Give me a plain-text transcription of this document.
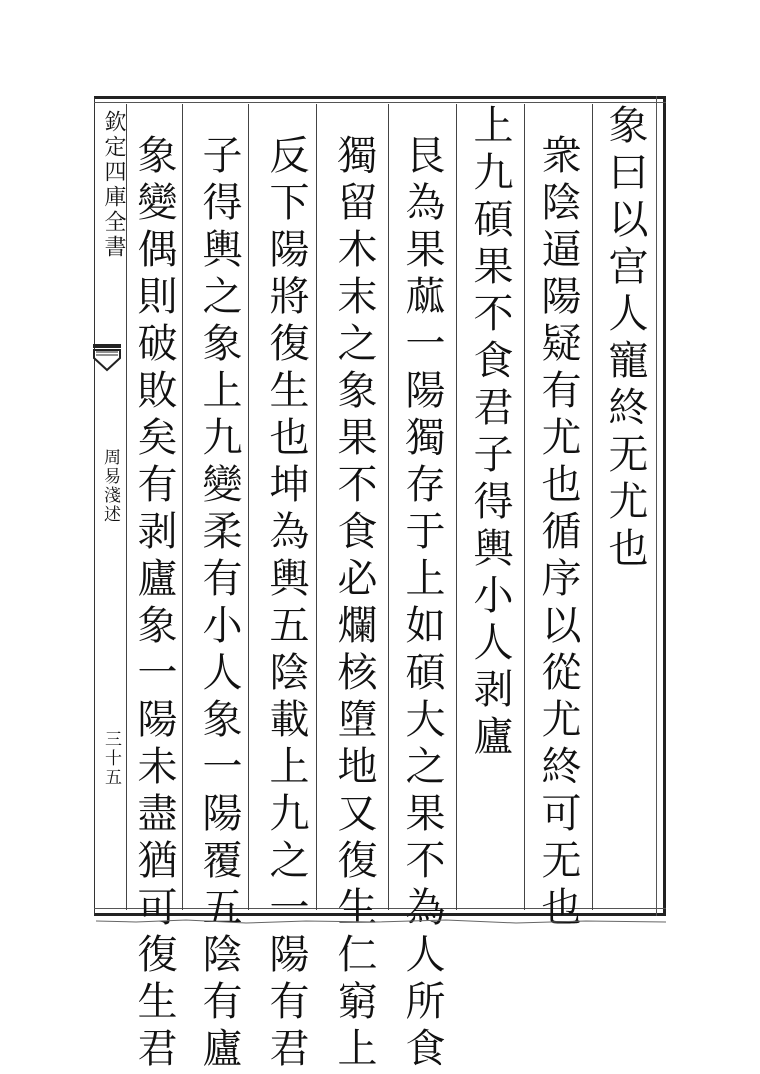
欽定四庫全書
周易淺述
三十五
象曰以宫人寵終无尤也
衆陰逼陽疑有尤也循序以從尤終可无也
上九碩果不食君子得輿小人剥廬
艮為果蓏一陽獨存于上如碩大之果不為人所食
獨留木末之象果不食必爛核墮地又復生仁窮上
反下陽將復生也坤為輿五陰載上九之一陽有君
子得輿之象上九變柔有小人象一陽覆五陰有廬
象變偶則破敗矣有剥廬象一陽未盡猶可復生君
